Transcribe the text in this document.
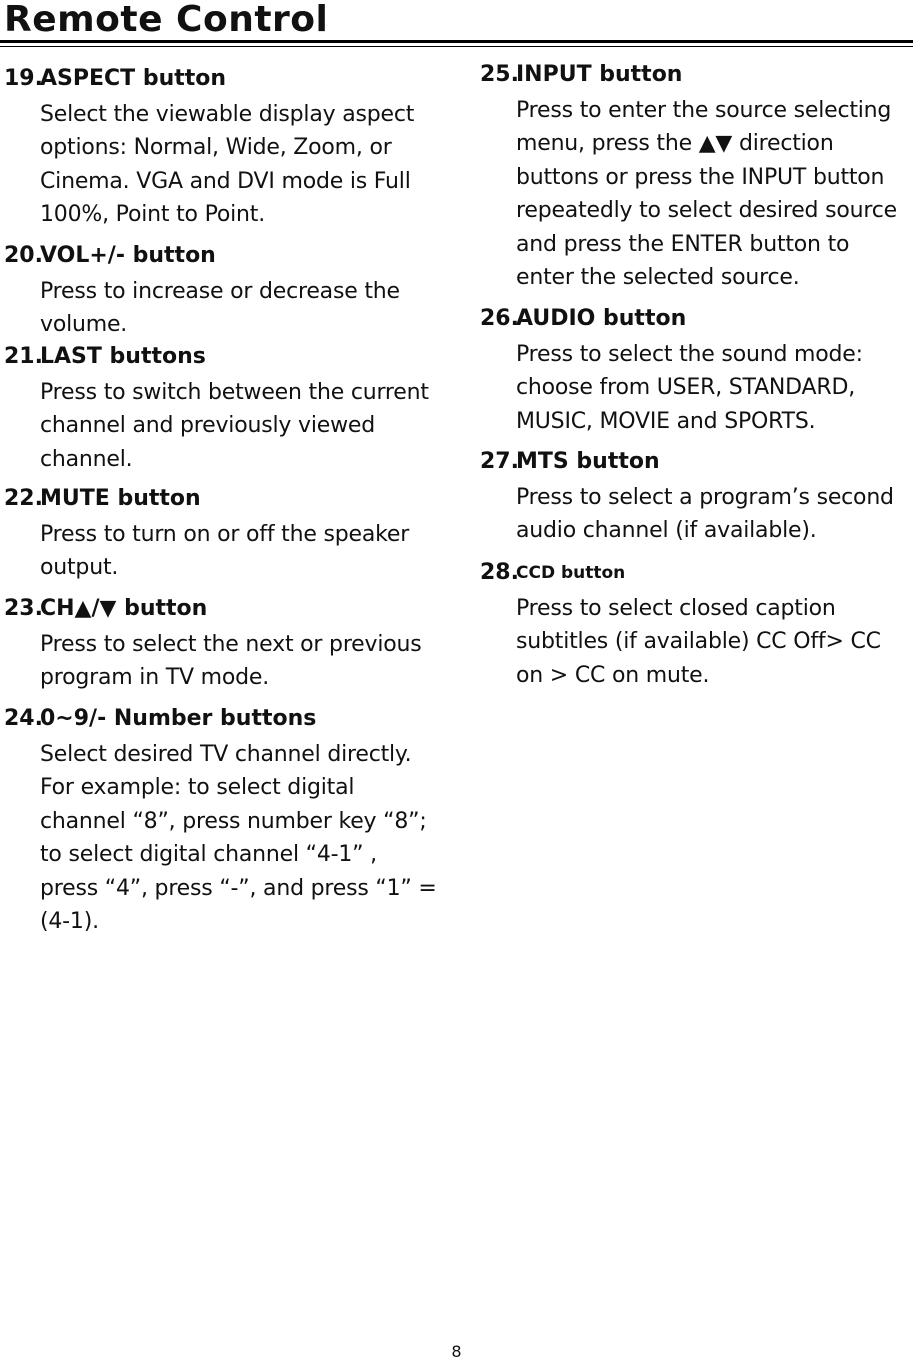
Remote Control
19.
ASPECT button
Select the viewable display aspect
options: Normal, Wide, Zoom, or
Cinema. VGA and DVI mode is Full
100%, Point to Point.
20.
VOL+/- button
Press to increase or decrease the
volume.
21.
LAST buttons
Press to switch between the current
channel and previously viewed
channel.
22.
MUTE button
Press to turn on or off the speaker
output.
23.
CH▲/▼ button
Press to select the next or previous
program in TV mode.
24.
0~9/- Number buttons
Select desired TV channel directly.
For example: to select digital
channel “8”, press number key “8”;
to select digital channel “4-1” ,
press “4”, press “-”, and press “1” =
(4-1).
25.
INPUT button
Press to enter the source selecting
menu, press the ▲▼ direction
buttons or press the INPUT button
repeatedly to select desired source
and press the ENTER button to
enter the selected source.
26.
AUDIO button
Press to select the sound mode:
choose from USER, STANDARD,
MUSIC, MOVIE and SPORTS.
27.
MTS button
Press to select a program’s second
audio channel (if available).
28.
CCD button
Press to select closed caption
subtitles (if available) CC Off> CC
on > CC on mute.
8
